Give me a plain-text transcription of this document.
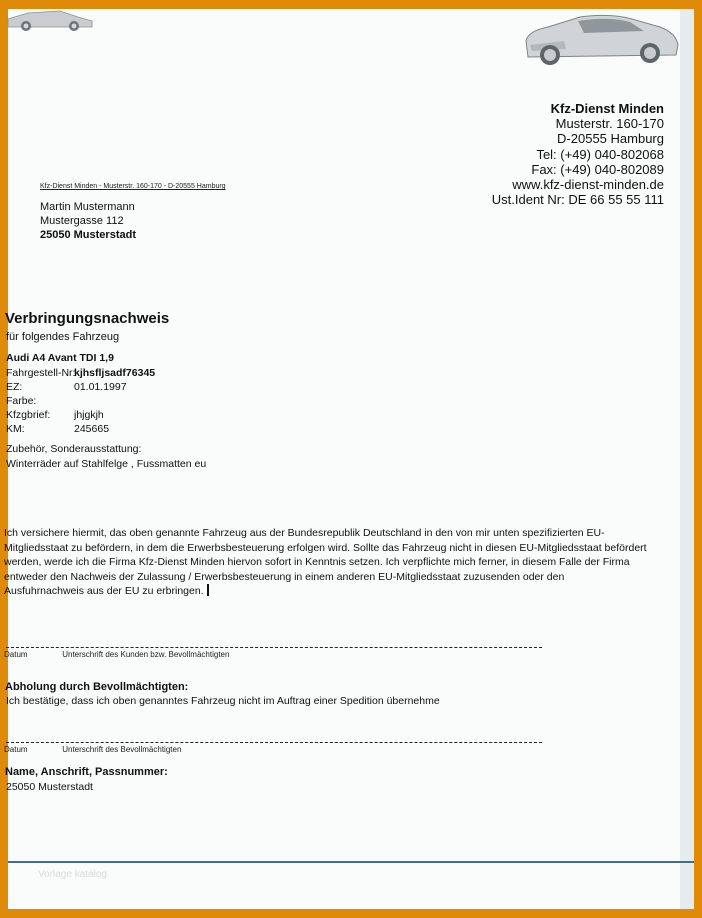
Kfz-Dienst Minden
Musterstr. 160-170
D-20555 Hamburg
Tel: (+49) 040-802068
Fax: (+49) 040-802089
www.kfz-dienst-minden.de
Ust.Ident Nr: DE 66 55 55 111
Kfz-Dienst Minden - Musterstr. 160-170 - D-20555 Hamburg
Martin Mustermann
Mustergasse 112
25050 Musterstadt
Verbringungsnachweis
für folgendes Fahrzeug
Audi A4 Avant TDI 1,9
Fahrgestell-Nr:
kjhsfljsadf76345
EZ:	01.01.1997
Farbe:
Kfzgbrief:	jhjgkjh
KM:	245665
Zubehör, Sonderausstattung:
Winterräder auf Stahlfelge , Fussmatten eu
Ich versichere hiermit, das oben genannte Fahrzeug aus der Bundesrepublik Deutschland in den von mir unten spezifizierten EU-
Mitgliedsstaat zu befördern, in dem die Erwerbsbesteuerung erfolgen wird. Sollte das Fahrzeug nicht in diesen EU-Mitgliedsstaat befördert
werden, werde ich die Firma Kfz-Dienst Minden hiervon sofort in Kenntnis setzen. Ich verpflichte mich ferner, in diesem Falle der Firma
entweder den Nachweis der Zulassung / Erwerbsbesteuerung in einem anderen EU-Mitgliedsstaat zuzusenden oder den
Ausfuhrnachweis aus der EU zu erbringen.
Datum	Unterschrift des Kunden bzw. Bevollmächtigten
Abholung durch Bevollmächtigten:
Ich bestätige, dass ich oben genanntes Fahrzeug nicht im Auftrag einer Spedition übernehme
Datum	Unterschrift des Bevollmächtigten
Name, Anschrift, Passnummer:
25050 Musterstadt
Vorlage katalog
